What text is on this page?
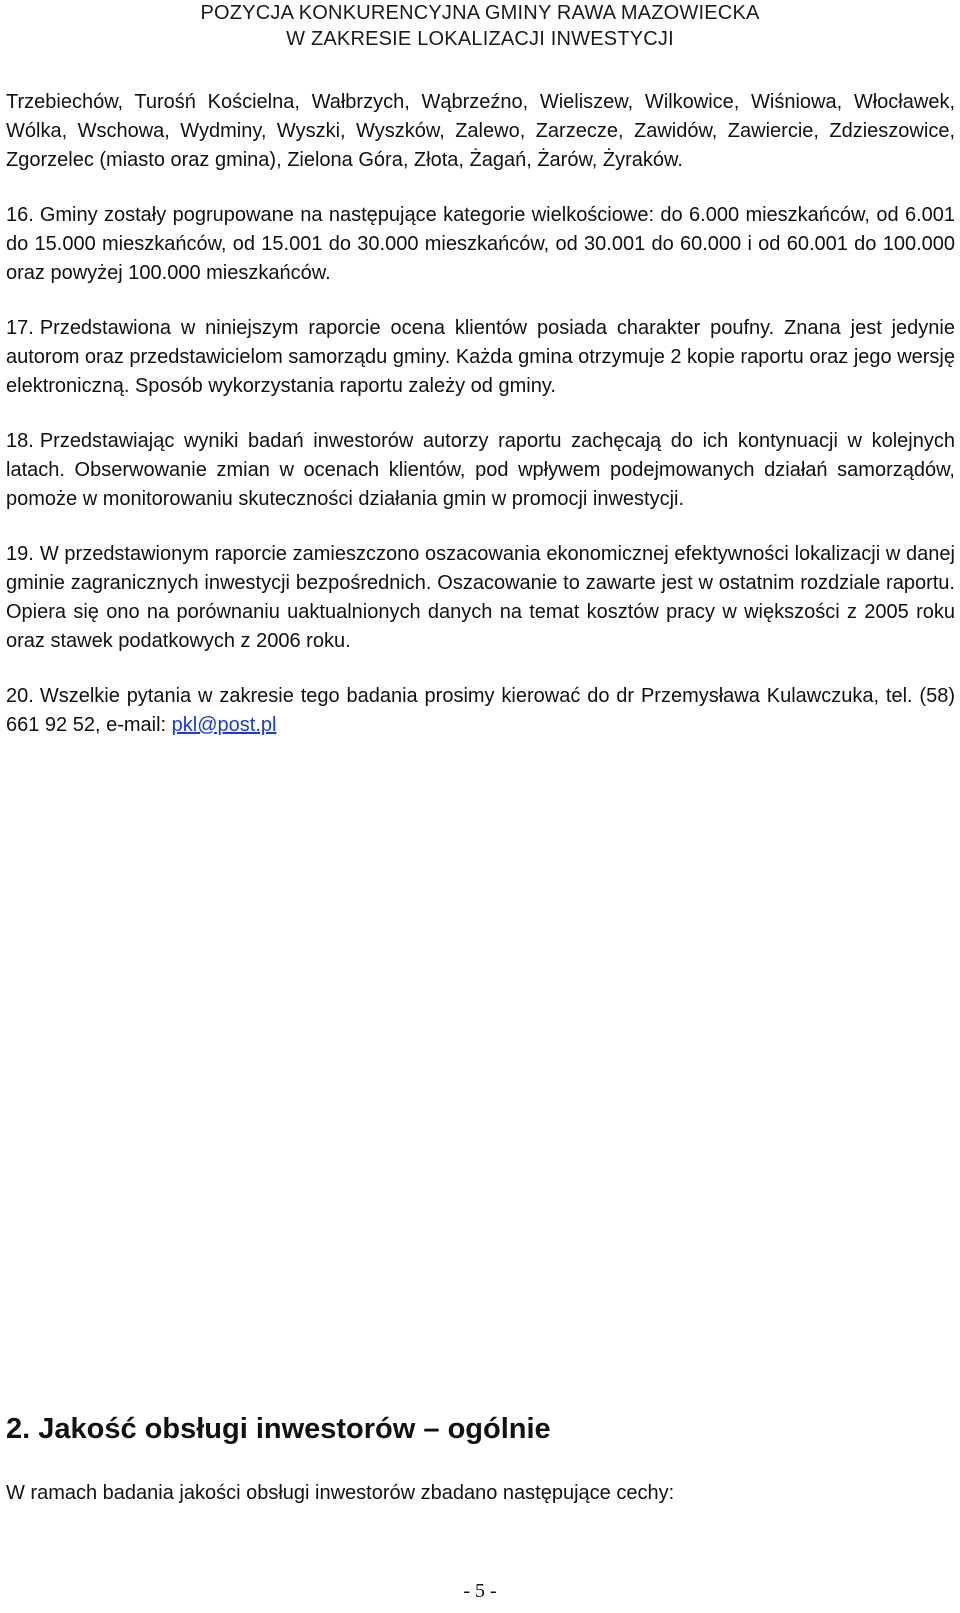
POZYCJA KONKURENCYJNA GMINY RAWA MAZOWIECKA
W ZAKRESIE LOKALIZACJI INWESTYCJI

Trzebiechów, Turośń Kościelna, Wałbrzych, Wąbrzeźno, Wieliszew, Wilkowice, Wiśniowa, Włocławek, Wólka, Wschowa, Wydminy, Wyszki, Wyszków, Zalewo, Zarzecze, Zawidów, Zawiercie, Zdzieszowice, Zgorzelec (miasto oraz gmina), Zielona Góra, Złota, Żagań, Żarów, Żyraków.

16. Gminy zostały pogrupowane na następujące kategorie wielkościowe: do 6.000 mieszkańców, od 6.001 do 15.000 mieszkańców, od 15.001 do 30.000 mieszkańców, od 30.001 do 60.000 i od 60.001 do 100.000 oraz powyżej 100.000 mieszkańców.

17. Przedstawiona w niniejszym raporcie ocena klientów posiada charakter poufny. Znana jest jedynie autorom oraz przedstawicielom samorządu gminy. Każda gmina otrzymuje 2 kopie raportu oraz jego wersję elektroniczną. Sposób wykorzystania raportu zależy od gminy.

18. Przedstawiając wyniki badań inwestorów autorzy raportu zachęcają do ich kontynuacji w kolejnych latach. Obserwowanie zmian w ocenach klientów, pod wpływem podejmowanych działań samorządów, pomoże w monitorowaniu skuteczności działania gmin w promocji inwestycji.

19. W przedstawionym raporcie zamieszczono oszacowania ekonomicznej efektywności lokalizacji w danej gminie zagranicznych inwestycji bezpośrednich. Oszacowanie to zawarte jest w ostatnim rozdziale raportu. Opiera się ono na porównaniu uaktualnionych danych na temat kosztów pracy w większości z 2005 roku oraz stawek podatkowych z 2006 roku.

20. Wszelkie pytania w zakresie tego badania prosimy kierować do dr Przemysława Kulawczuka, tel. (58) 661 92 52, e-mail: pkl@post.pl

2. Jakość obsługi inwestorów – ogólnie

W ramach badania jakości obsługi inwestorów zbadano następujące cechy:

- 5 -
